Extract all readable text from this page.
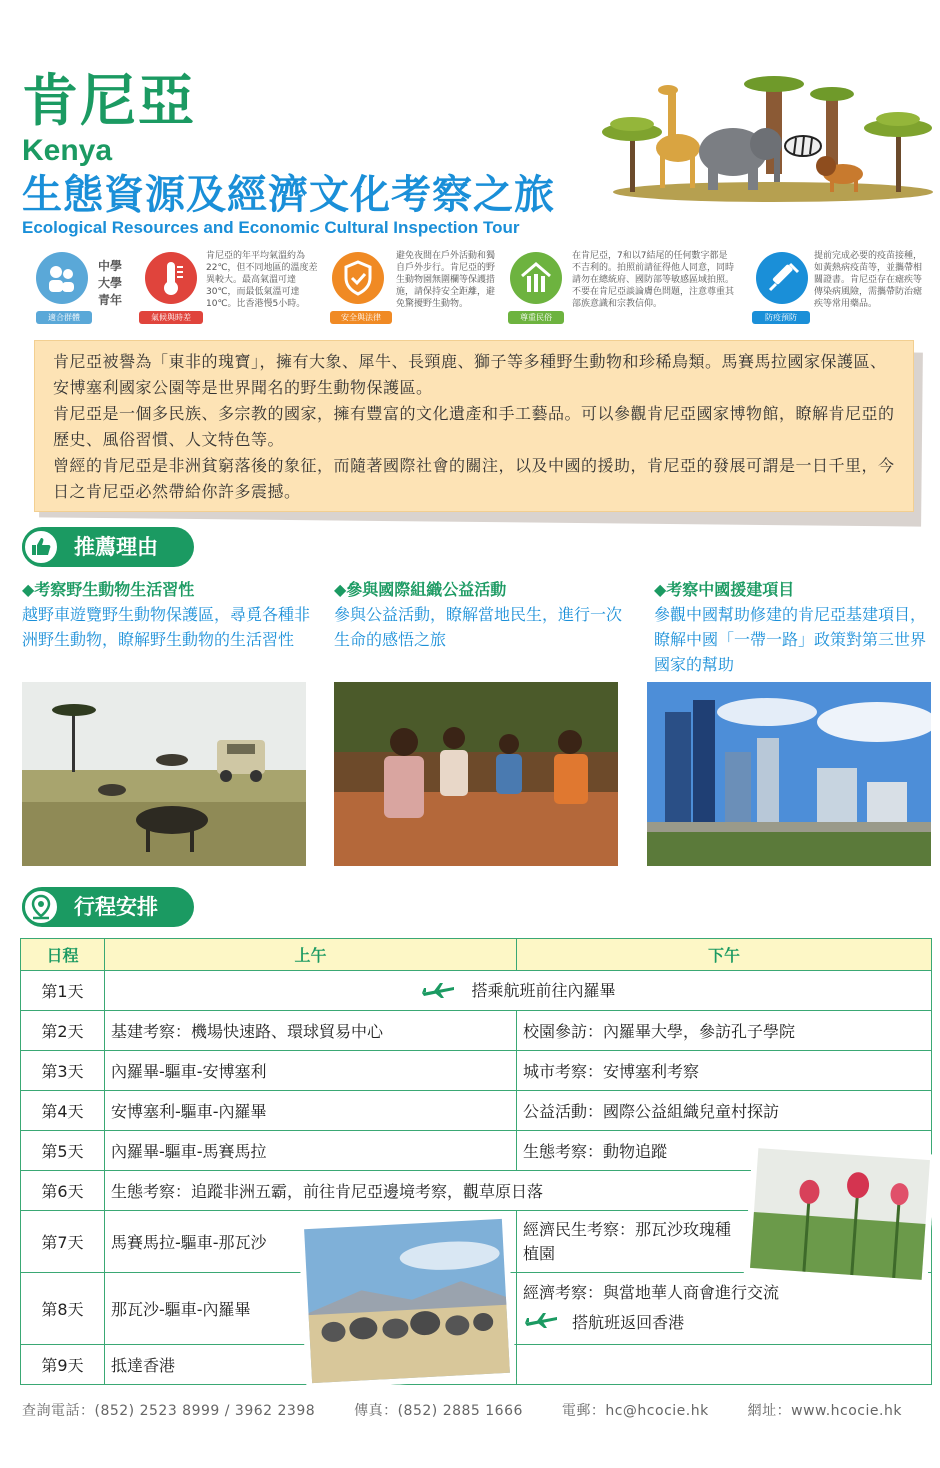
肯尼亞
Kenya
生態資源及經濟文化考察之旅
Ecological Resources and Economic Cultural Inspection Tour
適合群體
中學
大學
青年
氣候與時差
肯尼亞的年平均氣溫約為22℃，但不同地區的溫度差異較大。最高氣溫可達30℃，而最低氣溫可達10℃。比香港慢5小時。
安全與法律
避免夜間在戶外活動和獨自戶外步行。肯尼亞的野生動物園無圍欄等保護措施，請保持安全距離，避免驚擾野生動物。
尊重民俗
在肯尼亞，7和以7結尾的任何數字都是不吉利的。拍照前請征得他人同意，同時請勿在總統府、國防部等敏感區域拍照。不要在肯尼亞談論膚色問題，注意尊重其部族意識和宗教信仰。
防疫預防
提前完成必要的疫苗接種，如黃熱病疫苗等，並攜帶相關證書。肯尼亞存在瘧疾等傳染病風險，需攜帶防治瘧疾等常用藥品。

肯尼亞被譽為「東非的瑰寶」，擁有大象、犀牛、長頸鹿、獅子等多種野生動物和珍稀鳥類。馬賽馬拉國家保護區、安博塞利國家公園等是世界聞名的野生動物保護區。

肯尼亞是一個多民族、多宗教的國家，擁有豐富的文化遺產和手工藝品。可以參觀肯尼亞國家博物館，瞭解肯尼亞的歷史、風俗習慣、人文特色等。

曾經的肯尼亞是非洲貧窮落後的象征，而隨著國際社會的關注，以及中國的援助，肯尼亞的發展可謂是一日千里，今日之肯尼亞必然帶給你許多震撼。

推薦理由
◆考察野生動物生活習性
越野車遊覽野生動物保護區，尋覓各種非洲野生動物，瞭解野生動物的生活習性
◆參與國際組織公益活動
參與公益活動，瞭解當地民生，進行一次生命的感悟之旅
◆考察中國援建項目
參觀中國幫助修建的肯尼亞基建項目，瞭解中國「一帶一路」政策對第三世界國家的幫助
行程安排
日程	上午	下午
第1天	搭乘航班前往內羅畢	
第2天	基建考察：機場快速路、環球貿易中心	校園參訪：內羅畢大學，參訪孔子學院
第3天	內羅畢-驅車-安博塞利	城市考察：安博塞利考察
第4天	安博塞利-驅車-內羅畢	公益活動：國際公益組織兒童村探訪
第5天	內羅畢-驅車-馬賽馬拉	生態考察：動物追蹤
第6天	生態考察：追蹤非洲五霸，前往肯尼亞邊境考察，觀草原日落	
第7天	馬賽馬拉-驅車-那瓦沙	經濟民生考察：那瓦沙玫瑰種植園

第8天	那瓦沙-驅車-內羅畢	經濟考察：與當地華人商會進行交流
搭航班返回香港

第9天	抵達香港	
查詢電話：(852) 2523 8999 / 3962 2398	傳真：(852) 2885 1666	電郵：hc@hcocie.hk	網址：www.hcocie.hk
